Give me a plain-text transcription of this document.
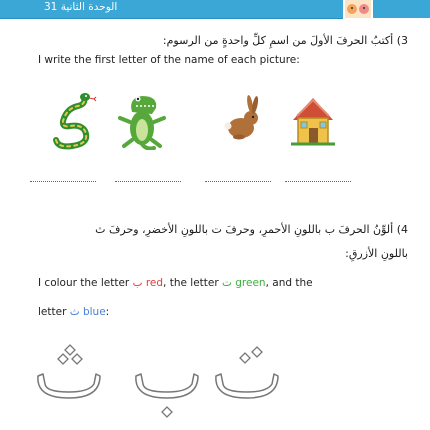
الوحدة الثانية 31
3) أكتبُ الحرفَ الأولَ من اسمِ كلِّ واحدةٍ من الرسوم:
I write the first letter of the name of each picture:
4) ألوِّنُ الحرفَ ب باللونِ الأحمرِ، وحرفَ ت باللونِ الأخضرِ، وحرفَ ث
باللونِ الأزرقِ:
I colour the letter ب red, the letter ت green, and the
letter ث blue:
